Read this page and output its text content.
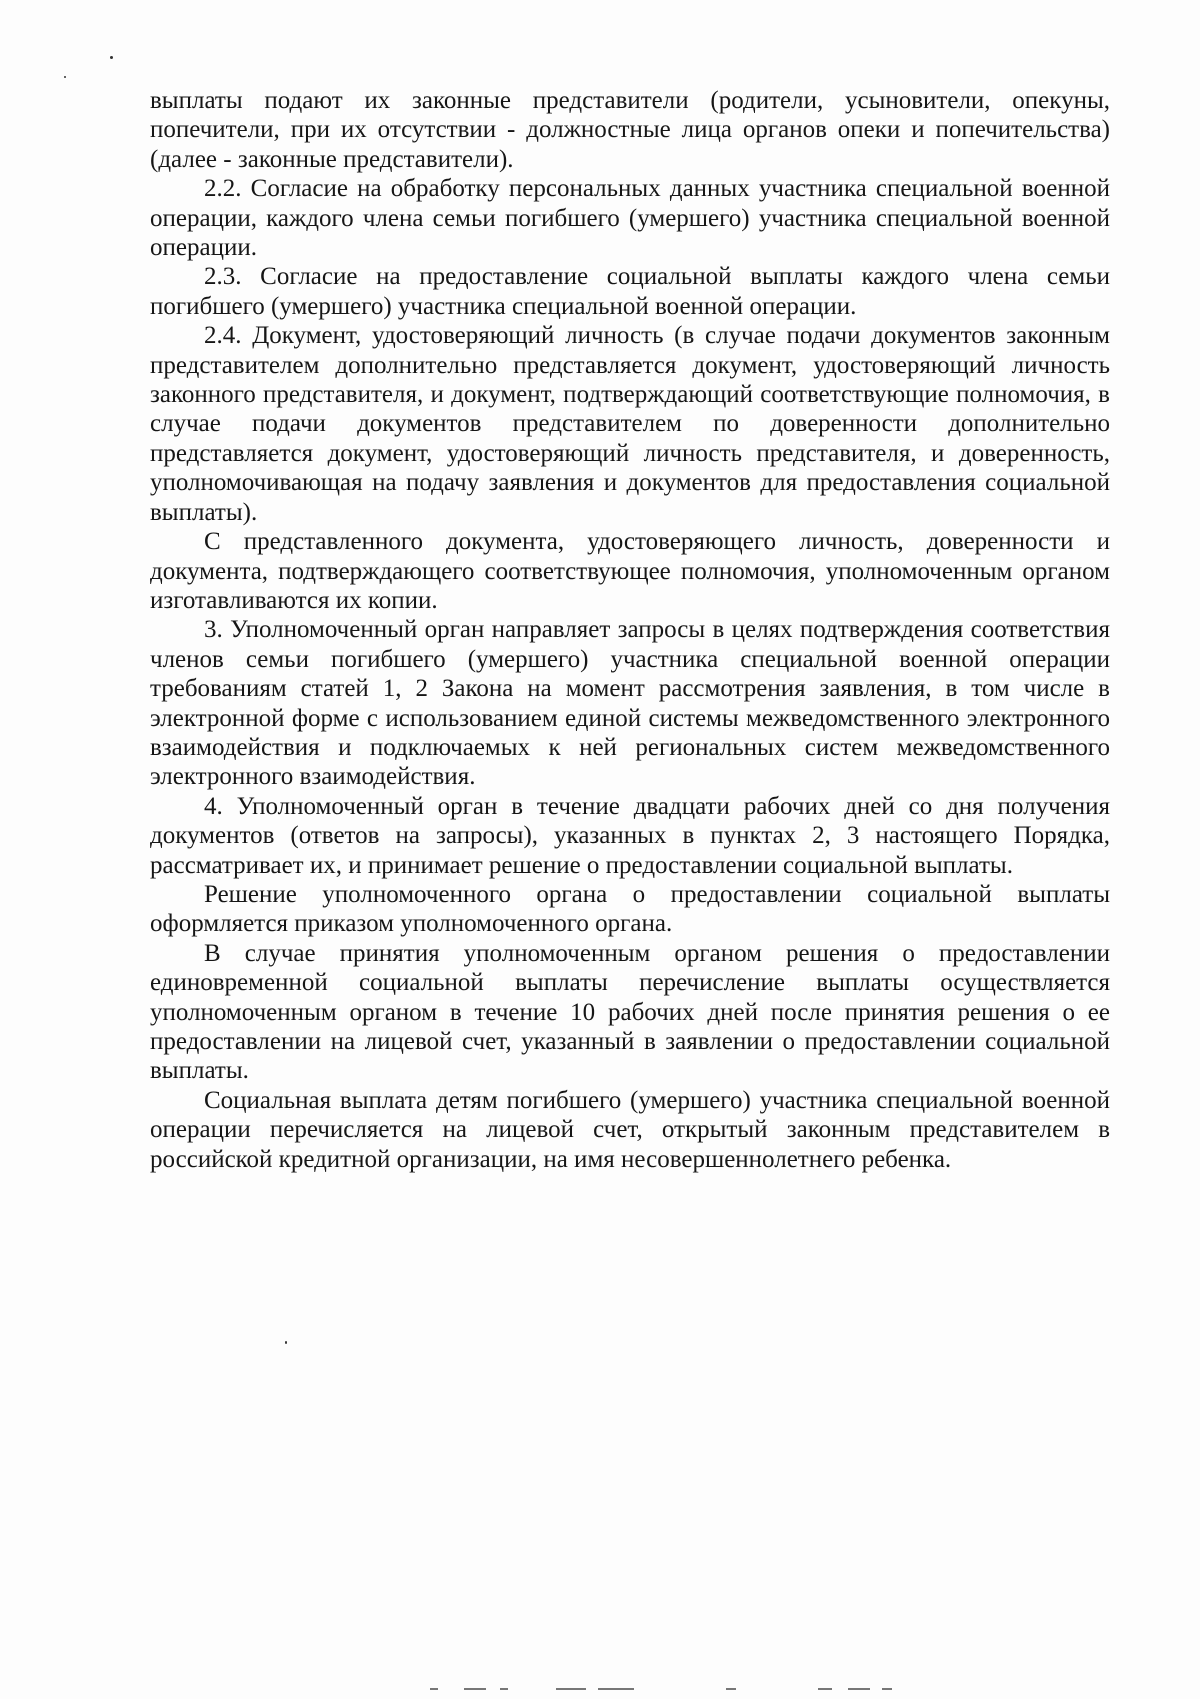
выплаты подают их законные представители (родители, усыновители, опекуны, попечители, при их отсутствии - должностные лица органов опеки и попечительства) (далее - законные представители).

2.2. Согласие на обработку персональных данных участника специальной военной операции, каждого члена семьи погибшего (умершего) участника специальной военной операции.

2.3. Согласие на предоставление социальной выплаты каждого члена семьи погибшего (умершего) участника специальной военной операции.

2.4. Документ, удостоверяющий личность (в случае подачи документов законным представителем дополнительно представляется документ, удостоверяющий личность законного представителя, и документ, подтверждающий соответствующие полномочия, в случае подачи документов представителем по доверенности дополнительно представляется документ, удостоверяющий личность представителя, и доверенность, уполномочивающая на подачу заявления и документов для предоставления социальной выплаты).

С представленного документа, удостоверяющего личность, доверенности и документа, подтверждающего соответствующее полномочия, уполномоченным органом изготавливаются их копии.

3. Уполномоченный орган направляет запросы в целях подтверждения соответствия членов семьи погибшего (умершего) участника специальной военной операции требованиям статей 1, 2 Закона на момент рассмотрения заявления, в том числе в электронной форме с использованием единой системы межведомственного электронного взаимодействия и подключаемых к ней региональных систем межведомственного электронного взаимодействия.

4. Уполномоченный орган в течение двадцати рабочих дней со дня получения документов (ответов на запросы), указанных в пунктах 2, 3 настоящего Порядка, рассматривает их, и принимает решение о предоставлении социальной выплаты.

Решение уполномоченного органа о предоставлении социальной выплаты оформляется приказом уполномоченного органа.

В случае принятия уполномоченным органом решения о предоставлении единовременной социальной выплаты перечисление выплаты осуществляется уполномоченным органом в течение 10 рабочих дней после принятия решения о ее предоставлении на лицевой счет, указанный в заявлении о предоставлении социальной выплаты.

Социальная выплата детям погибшего (умершего) участника специальной военной операции перечисляется на лицевой счет, открытый законным представителем в российской кредитной организации, на имя несовершеннолетнего ребенка.
